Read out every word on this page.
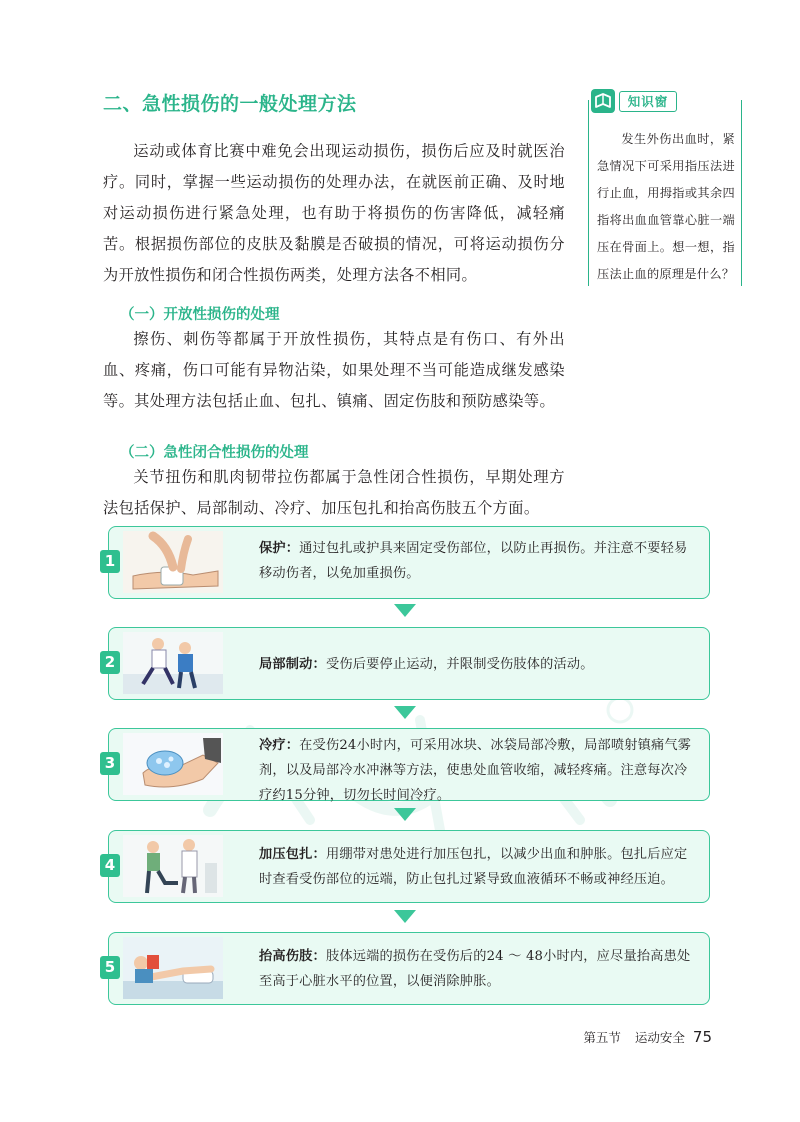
二、急性损伤的一般处理方法

运动或体育比赛中难免会出现运动损伤，损伤后应及时就医治疗。同时，掌握一些运动损伤的处理办法，在就医前正确、及时地对运动损伤进行紧急处理，也有助于将损伤的伤害降低，减轻痛苦。根据损伤部位的皮肤及黏膜是否破损的情况，可将运动损伤分为开放性损伤和闭合性损伤两类，处理方法各不相同。

知识窗

发生外伤出血时，紧急情况下可采用指压法进行止血，用拇指或其余四指将出血血管靠心脏一端压在骨面上。想一想，指压法止血的原理是什么？

（一）开放性损伤的处理

擦伤、刺伤等都属于开放性损伤，其特点是有伤口、有外出血、疼痛，伤口可能有异物沾染，如果处理不当可能造成继发感染等。其处理方法包括止血、包扎、镇痛、固定伤肢和预防感染等。

（二）急性闭合性损伤的处理

关节扭伤和肌肉韧带拉伤都属于急性闭合性损伤，早期处理方法包括保护、局部制动、冷疗、加压包扎和抬高伤肢五个方面。

1

保护：通过包扎或护具来固定受伤部位，以防止再损伤。并注意不要轻易移动伤者，以免加重损伤。

2	局部制动：受伤后要停止运动，并限制受伤肢体的活动。

3

冷疗：在受伤24小时内，可采用冰块、冰袋局部冷敷，局部喷射镇痛气雾剂，以及局部冷水冲淋等方法，使患处血管收缩，减轻疼痛。注意每次冷疗约15分钟，切勿长时间冷疗。

4

加压包扎：用绷带对患处进行加压包扎，以减少出血和肿胀。包扎后应定时查看受伤部位的远端，防止包扎过紧导致血液循环不畅或神经压迫。

5

抬高伤肢：肢体远端的损伤在受伤后的24 ～ 48小时内，应尽量抬高患处至高于心脏水平的位置，以便消除肿胀。

第五节 运动安全 75
